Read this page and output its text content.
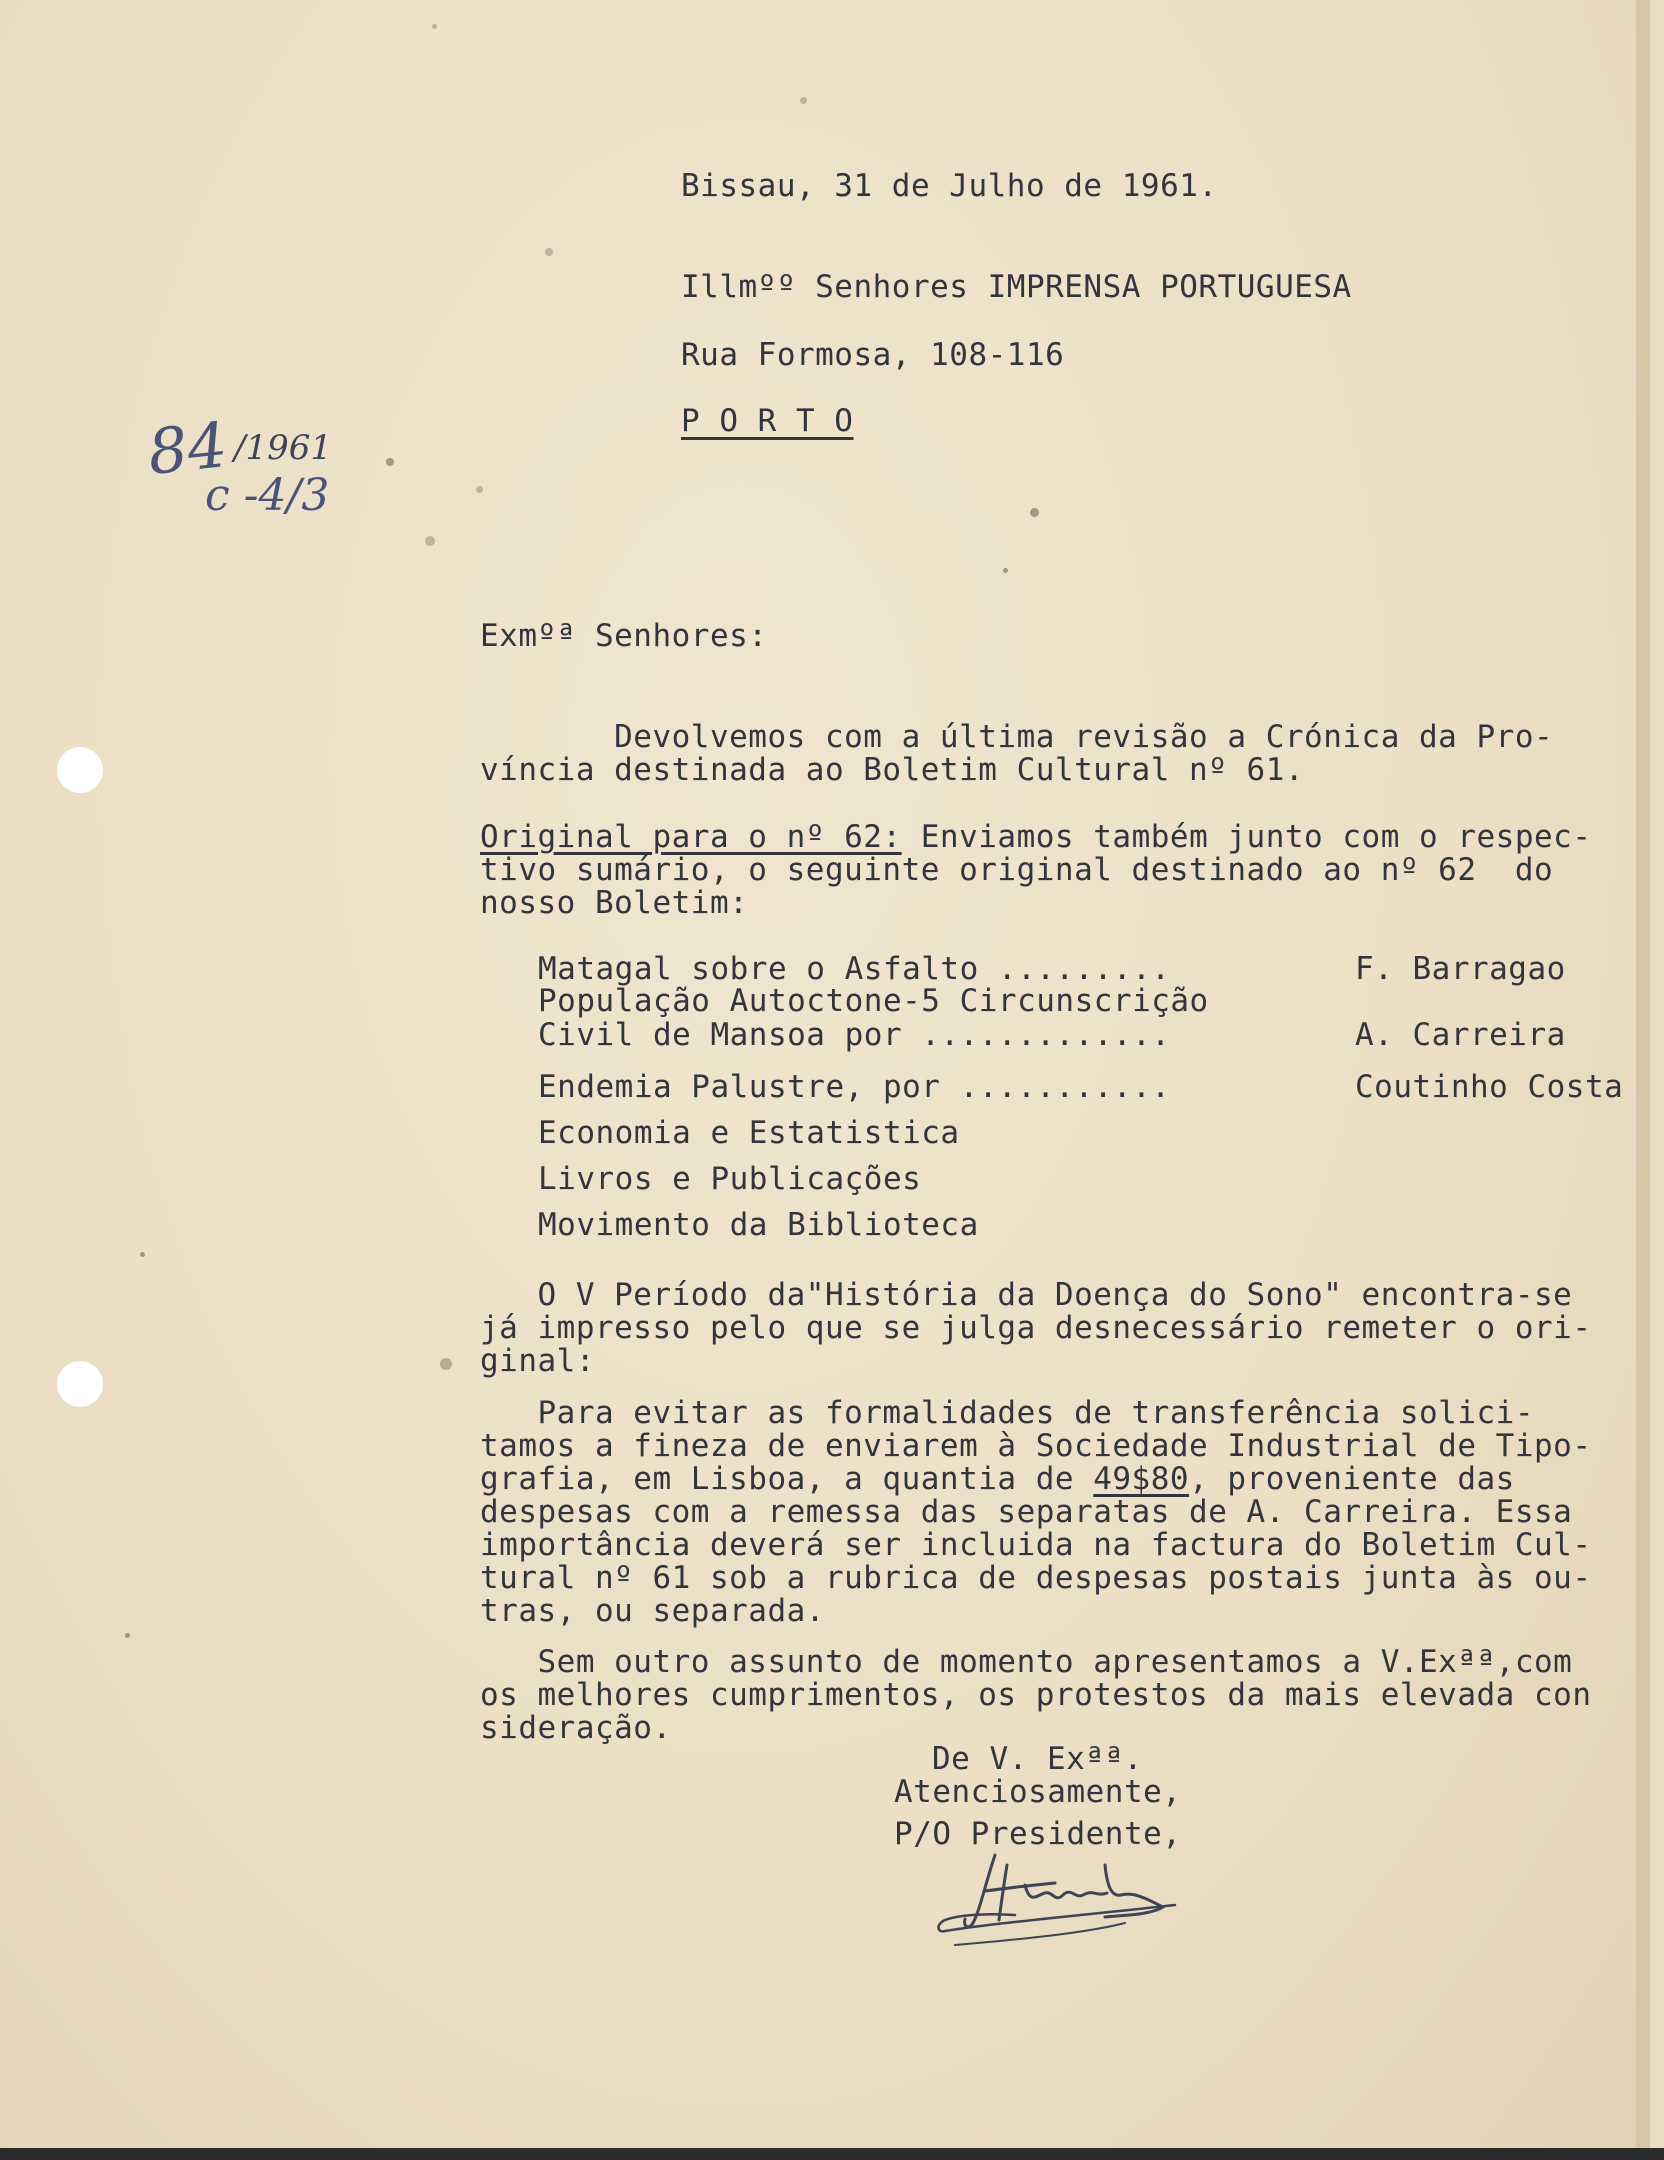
84 /1961
c -4/3
Bissau, 31 de Julho de 1961.
Illmºº Senhores IMPRENSA PORTUGUESA
Rua Formosa, 108-116
P O R T O
Exmºª Senhores:
Devolvemos com a última revisão a Crónica da Pro-
víncia destinada ao Boletim Cultural nº 61.
Original para o nº 62: Enviamos também junto com o respec-
tivo sumário, o seguinte original destinado ao nº 62  do
nosso Boletim:
Matagal sobre o Asfalto .........	F. Barragao
População Autoctone-5 Circunscrição
Civil de Mansoa por .............	A. Carreira
Endemia Palustre, por ...........	Coutinho Costa
Economia e Estatistica
Livros e Publicações
Movimento da Biblioteca
O V Período da"História da Doença do Sono" encontra-se
já impresso pelo que se julga desnecessário remeter o ori-
ginal:
Para evitar as formalidades de transferência solici-
tamos a fineza de enviarem à Sociedade Industrial de Tipo-
grafia, em Lisboa, a quantia de 49$80, proveniente das
despesas com a remessa das separatas de A. Carreira. Essa
importância deverá ser incluida na factura do Boletim Cul-
tural nº 61 sob a rubrica de despesas postais junta às ou-
tras, ou separada.
Sem outro assunto de momento apresentamos a V.Exªª,com
os melhores cumprimentos, os protestos da mais elevada con
sideração.
De V. Exªª.
Atenciosamente,
P/O Presidente,
